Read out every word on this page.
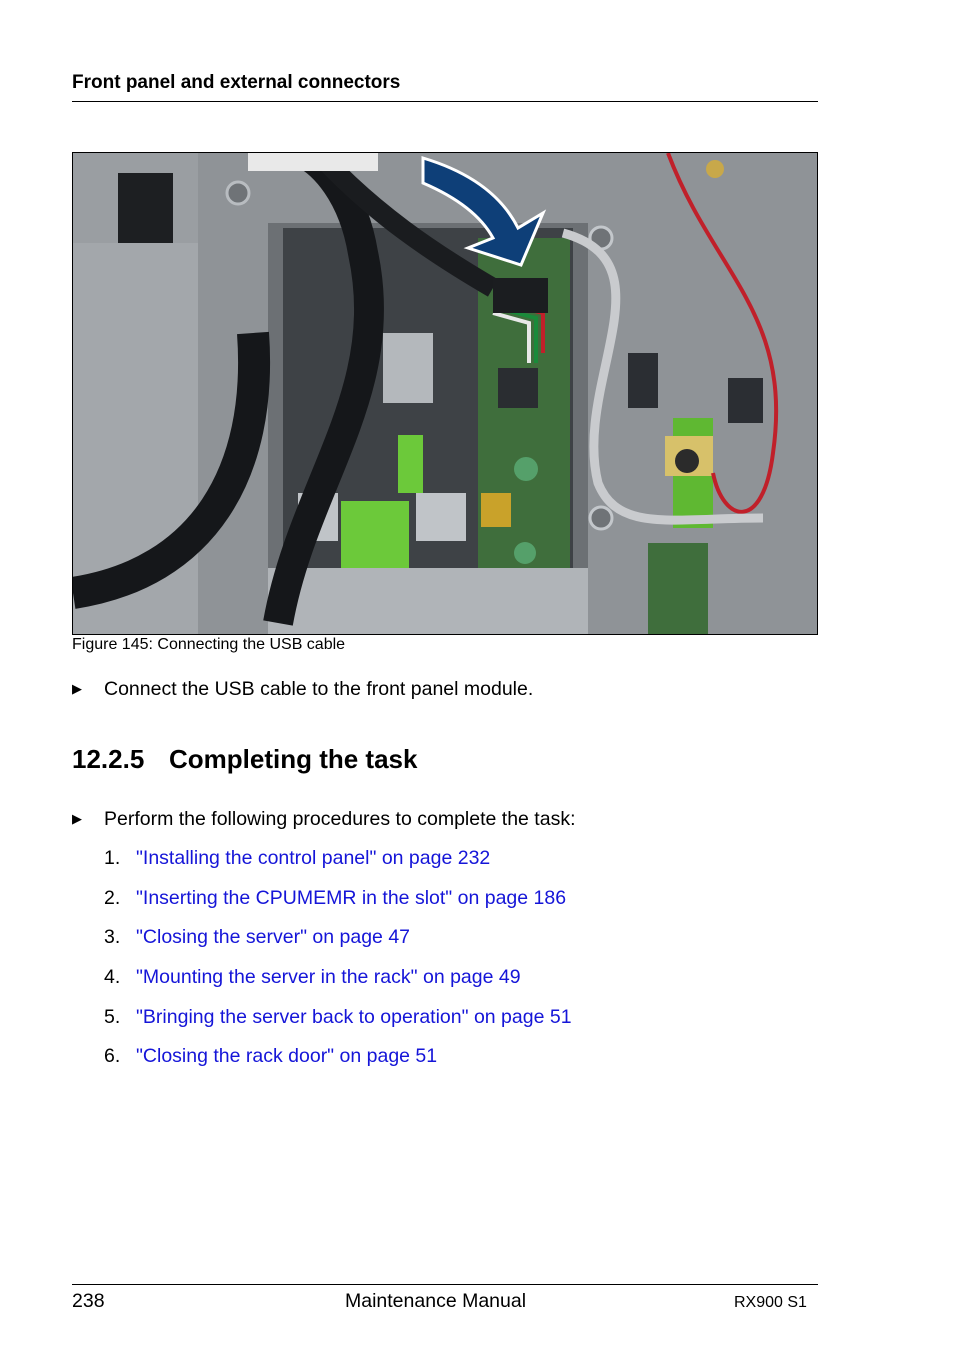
Front panel and external connectors
Figure 145: Connecting the USB cable
▶ Connect the USB cable to the front panel module.
12.2.5 Completing the task
▶ Perform the following procedures to complete the task:
1. "Installing the control panel" on page 232
2. "Inserting the CPUMEMR in the slot" on page 186
3. "Closing the server" on page 47
4. "Mounting the server in the rack" on page 49
5. "Bringing the server back to operation" on page 51
6. "Closing the rack door" on page 51
238	Maintenance Manual	RX900 S1
